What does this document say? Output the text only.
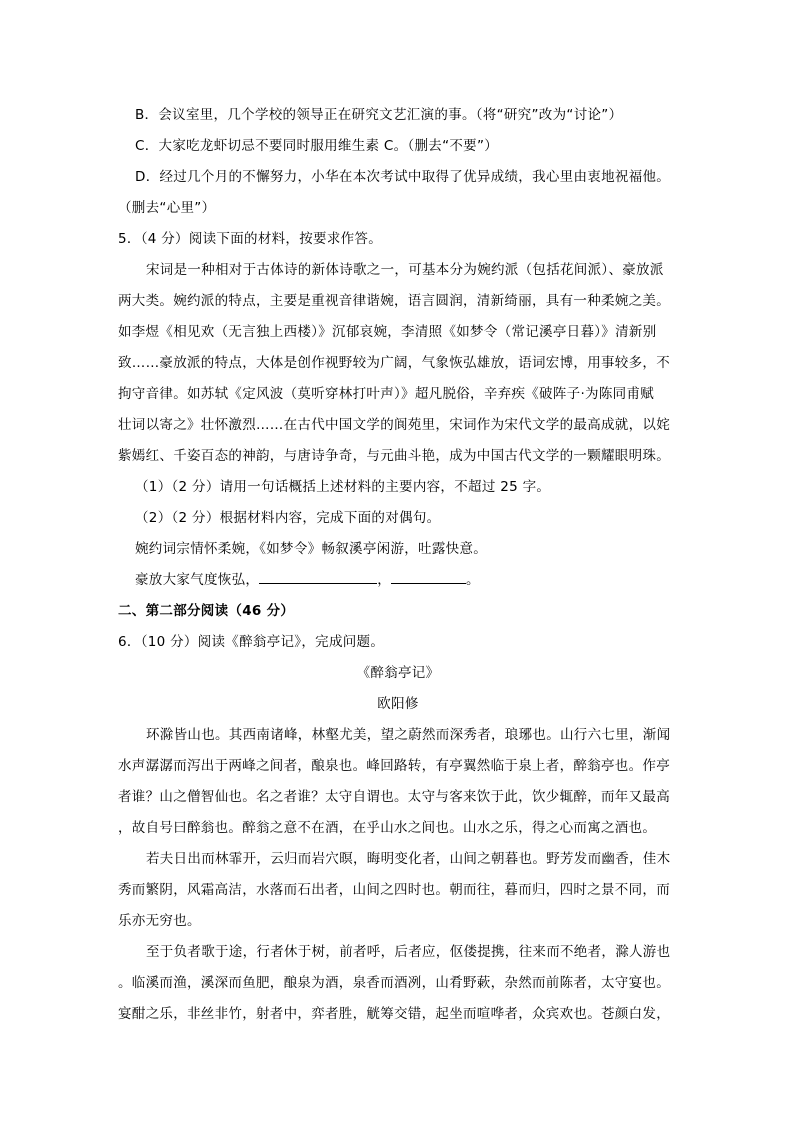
B．会议室里，几个学校的领导正在研究文艺汇演的事。（将“研究”改为“讨论”）
C．大家吃龙虾切忌不要同时服用维生素 C。（删去“不要”）
D．经过几个月的不懈努力，小华在本次考试中取得了优异成绩，我心里由衷地祝福他。
（删去“心里”）
5．（4 分）阅读下面的材料，按要求作答。
宋词是一种相对于古体诗的新体诗歌之一，可基本分为婉约派（包括花间派）、豪放派
两大类。婉约派的特点，主要是重视音律谐婉，语言圆润，清新绮丽，具有一种柔婉之美。
如李煜《相见欢（无言独上西楼）》沉郁哀婉，李清照《如梦令（常记溪亭日暮）》清新别
致……豪放派的特点，大体是创作视野较为广阔，气象恢弘雄放，语词宏博，用事较多，不
拘守音律。如苏轼《定风波（莫听穿林打叶声）》超凡脱俗，辛弃疾《破阵子·为陈同甫赋
壮词以寄之》壮怀激烈……在古代中国文学的阆苑里，宋词作为宋代文学的最高成就，以姹
紫嫣红、千姿百态的神韵，与唐诗争奇，与元曲斗艳，成为中国古代文学的一颗耀眼明珠。
（1）（2 分）请用一句话概括上述材料的主要内容，不超过 25 字。
（2）（2 分）根据材料内容，完成下面的对偶句。
婉约词宗情怀柔婉，《如梦令》畅叙溪亭闲游，吐露快意。
豪放大家气度恢弘，	，	。
二、第二部分阅读（46 分）
6．（10 分）阅读《醉翁亭记》，完成问题。
《醉翁亭记》
欧阳修
环滁皆山也。其西南诸峰，林壑尤美，望之蔚然而深秀者，琅琊也。山行六七里，渐闻
水声潺潺而泻出于两峰之间者，酿泉也。峰回路转，有亭翼然临于泉上者，醉翁亭也。作亭
者谁？山之僧智仙也。名之者谁？太守自谓也。太守与客来饮于此，饮少辄醉，而年又最高
，故自号曰醉翁也。醉翁之意不在酒，在乎山水之间也。山水之乐，得之心而寓之酒也。
若夫日出而林霏开，云归而岩穴暝，晦明变化者，山间之朝暮也。野芳发而幽香，佳木
秀而繁阴，风霜高洁，水落而石出者，山间之四时也。朝而往，暮而归，四时之景不同，而
乐亦无穷也。
至于负者歌于途，行者休于树，前者呼，后者应，伛偻提携，往来而不绝者，滁人游也
。临溪而渔，溪深而鱼肥，酿泉为酒，泉香而酒冽，山肴野蔌，杂然而前陈者，太守宴也。
宴酣之乐，非丝非竹，射者中，弈者胜，觥筹交错，起坐而喧哗者，众宾欢也。苍颜白发，
